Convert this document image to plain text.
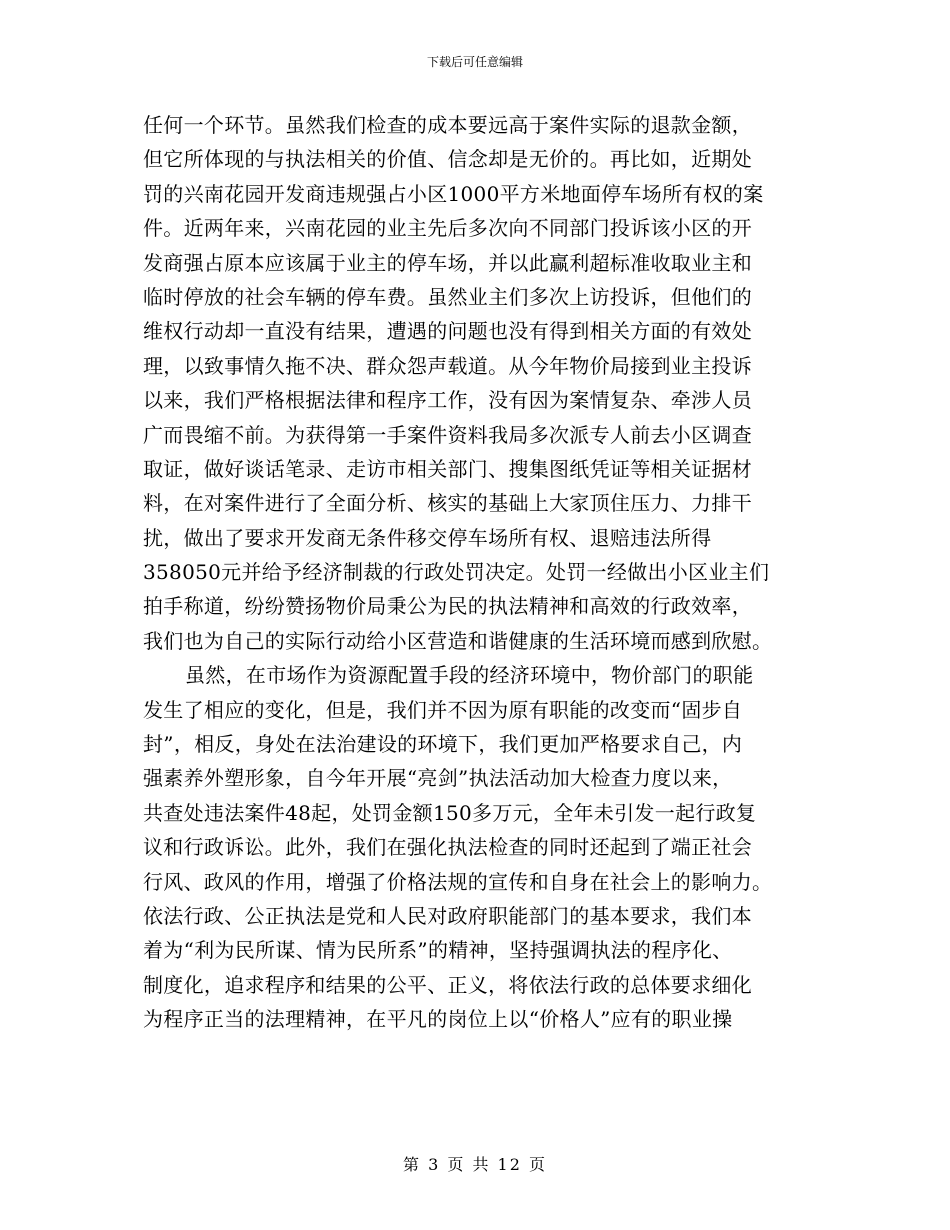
下载后可任意编辑
任何一个环节。虽然我们检查的成本要远高于案件实际的退款金额，
但它所体现的与执法相关的价值、信念却是无价的。再比如，近期处
罚的兴南花园开发商违规强占小区1000平方米地面停车场所有权的案
件。近两年来，兴南花园的业主先后多次向不同部门投诉该小区的开
发商强占原本应该属于业主的停车场，并以此赢利超标准收取业主和
临时停放的社会车辆的停车费。虽然业主们多次上访投诉，但他们的
维权行动却一直没有结果，遭遇的问题也没有得到相关方面的有效处
理，以致事情久拖不决、群众怨声载道。从今年物价局接到业主投诉
以来，我们严格根据法律和程序工作，没有因为案情复杂、牵涉人员
广而畏缩不前。为获得第一手案件资料我局多次派专人前去小区调查
取证，做好谈话笔录、走访市相关部门、搜集图纸凭证等相关证据材
料，在对案件进行了全面分析、核实的基础上大家顶住压力、力排干
扰，做出了要求开发商无条件移交停车场所有权、退赔违法所得
358050元并给予经济制裁的行政处罚决定。处罚一经做出小区业主们
拍手称道，纷纷赞扬物价局秉公为民的执法精神和高效的行政效率，
我们也为自己的实际行动给小区营造和谐健康的生活环境而感到欣慰。
虽然，在市场作为资源配置手段的经济环境中，物价部门的职能
发生了相应的变化，但是，我们并不因为原有职能的改变而“固步自
封”，相反，身处在法治建设的环境下，我们更加严格要求自己，内
强素养外塑形象，自今年开展“亮剑”执法活动加大检查力度以来，
共查处违法案件48起，处罚金额150多万元，全年未引发一起行政复
议和行政诉讼。此外，我们在强化执法检查的同时还起到了端正社会
行风、政风的作用，增强了价格法规的宣传和自身在社会上的影响力。
依法行政、公正执法是党和人民对政府职能部门的基本要求，我们本
着为“利为民所谋、情为民所系”的精神，坚持强调执法的程序化、
制度化，追求程序和结果的公平、正义，将依法行政的总体要求细化
为程序正当的法理精神，在平凡的岗位上以“价格人”应有的职业操
第 3 页 共 12 页
